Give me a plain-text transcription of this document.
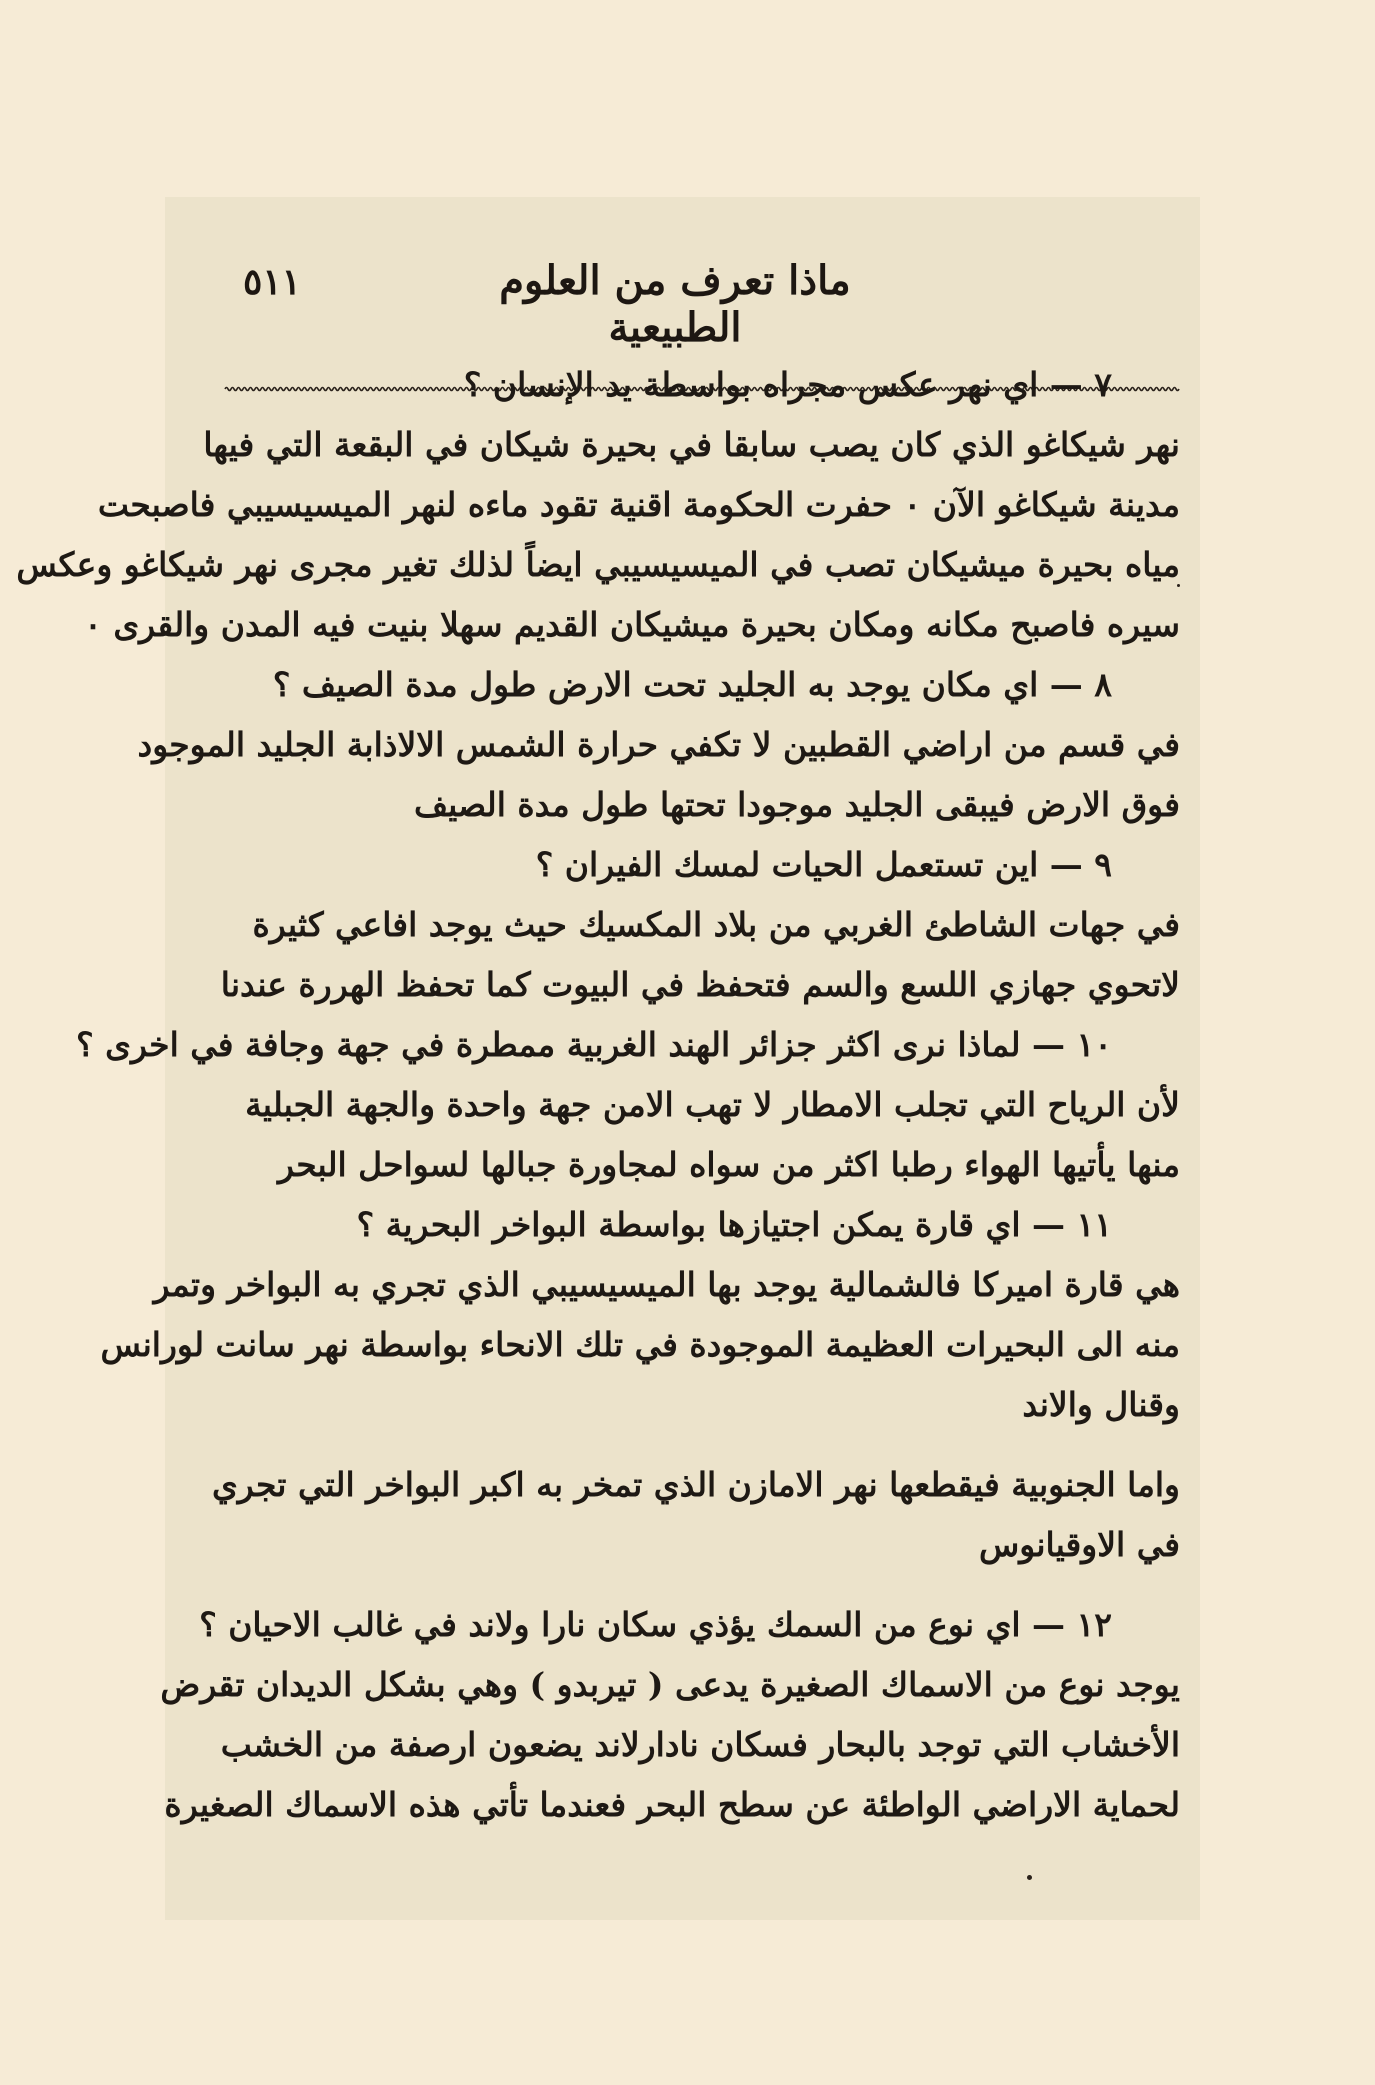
ماذا تعرف من العلوم الطبيعية
٥١١
٧ — اي نهر عكس مجراه بواسطة يد الإنسان ؟
نهر شيكاغو الذي كان يصب سابقا في بحيرة شيكان في البقعة التي فيها
مدينة شيكاغو الآن ٠ حفرت الحكومة اقنية تقود ماءه لنهر الميسيسيبي فاصبحت
مياه بحيرة ميشيكان تصب في الميسيسيبي ايضاً لذلك تغير مجرى نهر شيكاغو وعكس
سيره فاصبح مكانه ومكان بحيرة ميشيكان القديم سهلا بنيت فيه المدن والقرى ٠
٨ — اي مكان يوجد به الجليد تحت الارض طول مدة الصيف ؟
في قسم من اراضي القطبين لا تكفي حرارة الشمس الالاذابة الجليد الموجود
فوق الارض فيبقى الجليد موجودا تحتها طول مدة الصيف
٩ — اين تستعمل الحيات لمسك الفيران ؟
في جهات الشاطئ الغربي من بلاد المكسيك حيث يوجد افاعي كثيرة
لاتحوي جهازي اللسع والسم فتحفظ في البيوت كما تحفظ الهررة عندنا
١٠ — لماذا نرى اكثر جزائر الهند الغربية ممطرة في جهة وجافة في اخرى ؟
لأن الرياح التي تجلب الامطار لا تهب الامن جهة واحدة والجهة الجبلية
منها يأتيها الهواء رطبا اكثر من سواه لمجاورة جبالها لسواحل البحر
١١ — اي قارة يمكن اجتيازها بواسطة البواخر البحرية ؟
هي قارة اميركا فالشمالية يوجد بها الميسيسيبي الذي تجري به البواخر وتمر
منه الى البحيرات العظيمة الموجودة في تلك الانحاء بواسطة نهر سانت لورانس
وقنال والاند
واما الجنوبية فيقطعها نهر الامازن الذي تمخر به اكبر البواخر التي تجري
في الاوقيانوس
١٢ — اي نوع من السمك يؤذي سكان نارا ولاند في غالب الاحيان ؟
يوجد نوع من الاسماك الصغيرة يدعى ( تيربدو ) وهي بشكل الديدان تقرض
الأخشاب التي توجد بالبحار فسكان نادارلاند يضعون ارصفة من الخشب
لحماية الاراضي الواطئة عن سطح البحر فعندما تأتي هذه الاسماك الصغيرة
